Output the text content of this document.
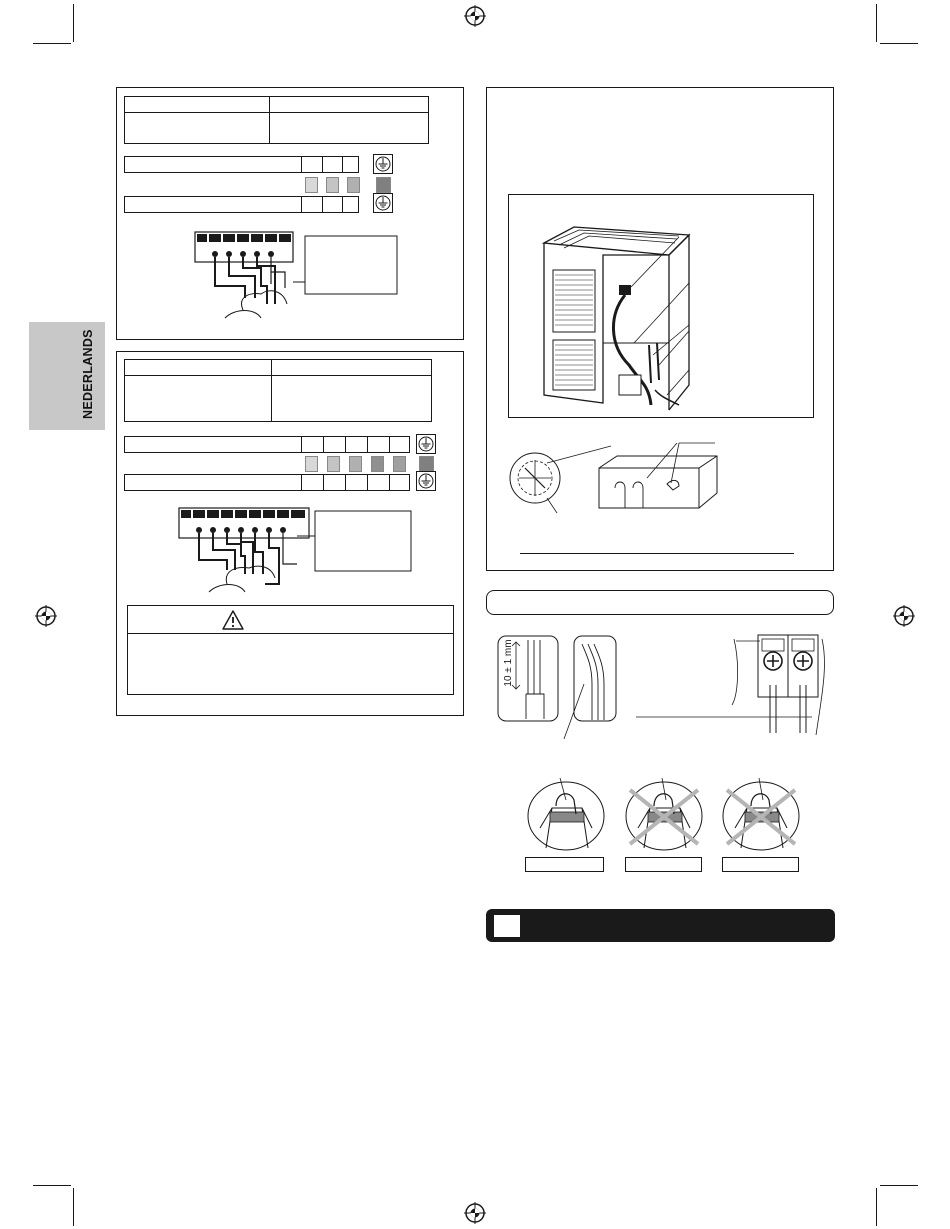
NEDERLANDS
10 ± 1 mm
